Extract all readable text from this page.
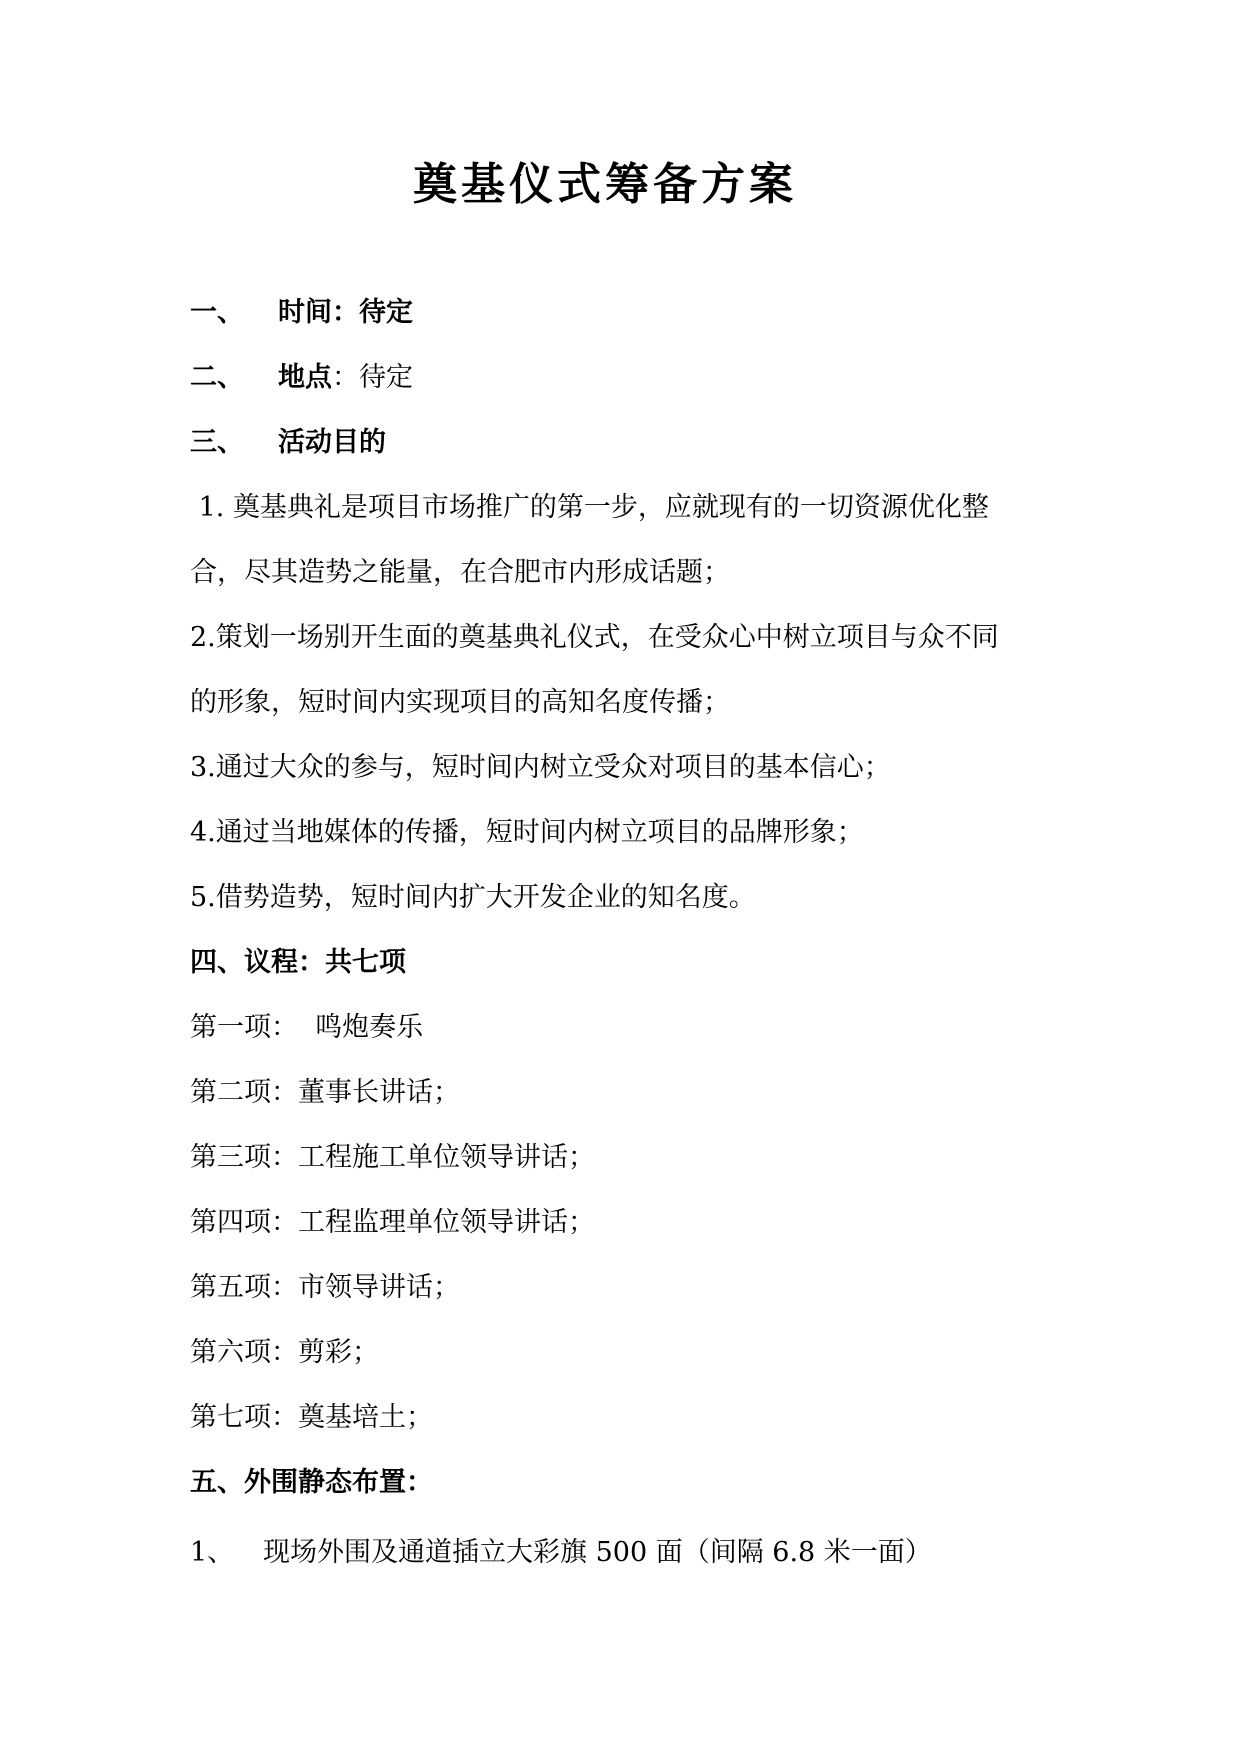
奠基仪式筹备方案
一、 时间：待定
二、 地点：待定
三、 活动目的
1. 奠基典礼是项目市场推广的第一步，应就现有的一切资源优化整
合，尽其造势之能量，在合肥市内形成话题；
2.策划一场别开生面的奠基典礼仪式，在受众心中树立项目与众不同
的形象，短时间内实现项目的高知名度传播；
3.通过大众的参与，短时间内树立受众对项目的基本信心；
4.通过当地媒体的传播，短时间内树立项目的品牌形象；
5.借势造势，短时间内扩大开发企业的知名度。
四、议程：共七项
第一项：  鸣炮奏乐
第二项：董事长讲话；
第三项：工程施工单位领导讲话；
第四项：工程监理单位领导讲话；
第五项：市领导讲话；
第六项：剪彩；
第七项：奠基培土；
五、外围静态布置：
1、 现场外围及通道插立大彩旗 500 面（间隔 6.8 米一面）
